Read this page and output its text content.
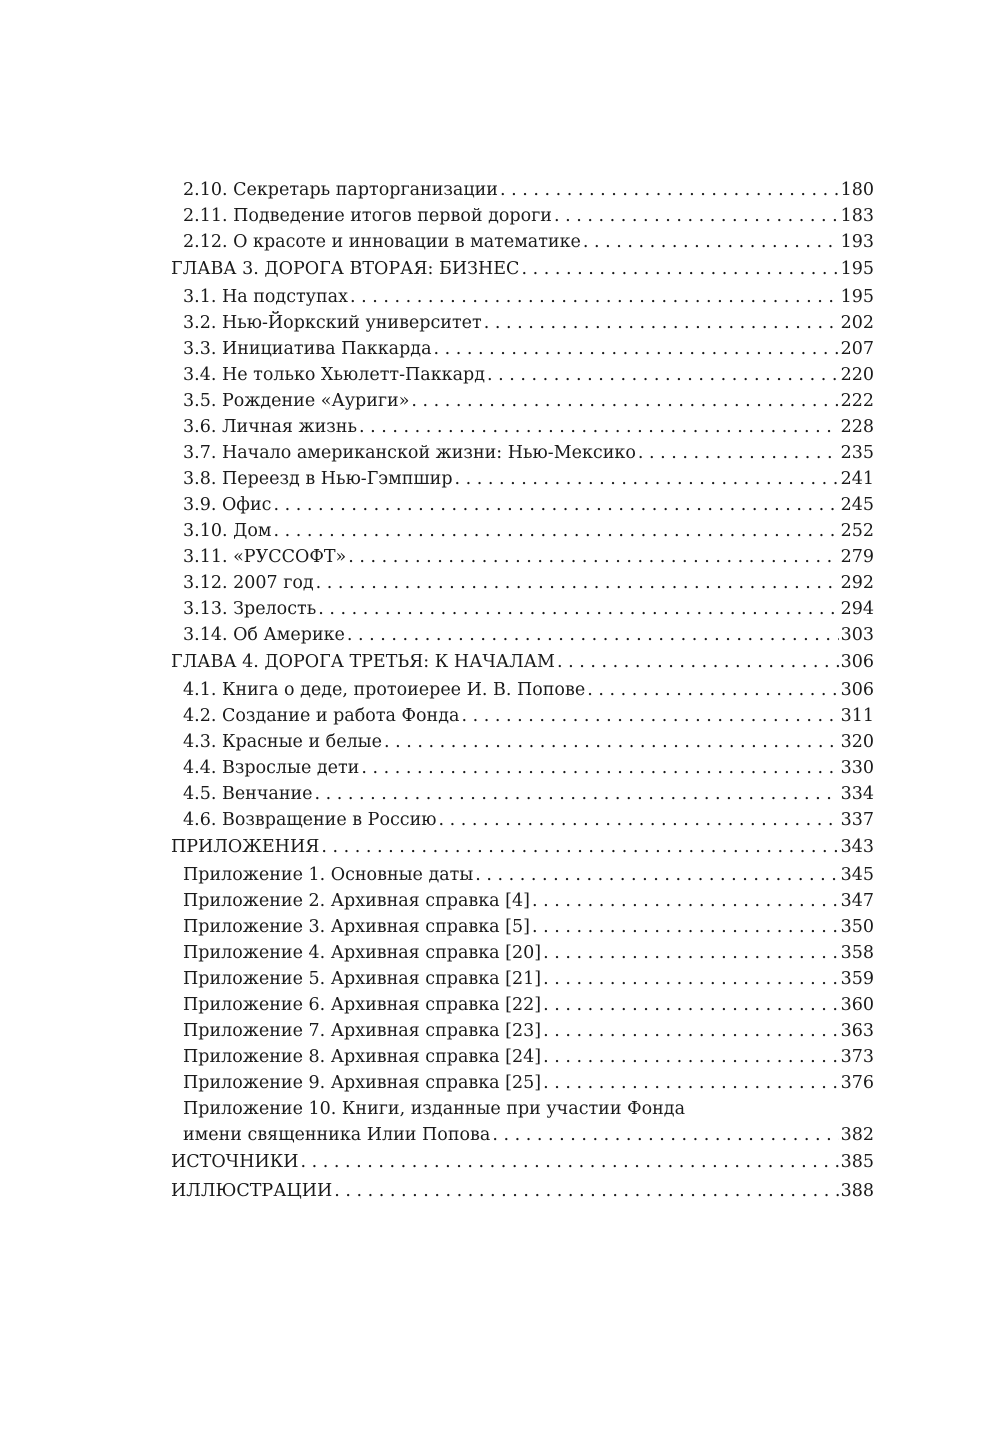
2.10. Секретарь парторганизации . . .	180
2.11. Подведение итогов первой дороги . . .	183
2.12. О красоте и инновации в математике . . .	193
ГЛАВА 3. ДОРОГА ВТОРАЯ: БИЗНЕС . . .	195
3.1. На подступах . . .	195
3.2. Нью-Йоркский университет . . .	202
3.3. Инициатива Паккарда . . .	207
3.4. Не только Хьюлетт-Паккард . . .	220
3.5. Рождение «Ауриги» . . .	222
3.6. Личная жизнь . . .	228
3.7. Начало американской жизни: Нью-Мексико . . .	235
3.8. Переезд в Нью-Гэмпшир . . .	241
3.9. Офис . . .	245
3.10. Дом . . .	252
3.11. «РУССОФТ» . . .	279
3.12. 2007 год . . .	292
3.13. Зрелость . . .	294
3.14. Об Америке . . .	303
ГЛАВА 4. ДОРОГА ТРЕТЬЯ: К НАЧАЛАМ . . .	306
4.1. Книга о деде, протоиерее И. В. Попове . . .	306
4.2. Создание и работа Фонда . . .	311
4.3. Красные и белые . . .	320
4.4. Взрослые дети . . .	330
4.5. Венчание . . .	334
4.6. Возвращение в Россию . . .	337
ПРИЛОЖЕНИЯ . . .	343
Приложение 1. Основные даты . . .	345
Приложение 2. Архивная справка [4] . . .	347
Приложение 3. Архивная справка [5] . . .	350
Приложение 4. Архивная справка [20] . . .	358
Приложение 5. Архивная справка [21] . . .	359
Приложение 6. Архивная справка [22] . . .	360
Приложение 7. Архивная справка [23] . . .	363
Приложение 8. Архивная справка [24] . . .	373
Приложение 9. Архивная справка [25] . . .	376
Приложение 10. Книги, изданные при участии Фонда
имени священника Илии Попова . . .	382
ИСТОЧНИКИ . . .	385
ИЛЛЮСТРАЦИИ . . .	388
